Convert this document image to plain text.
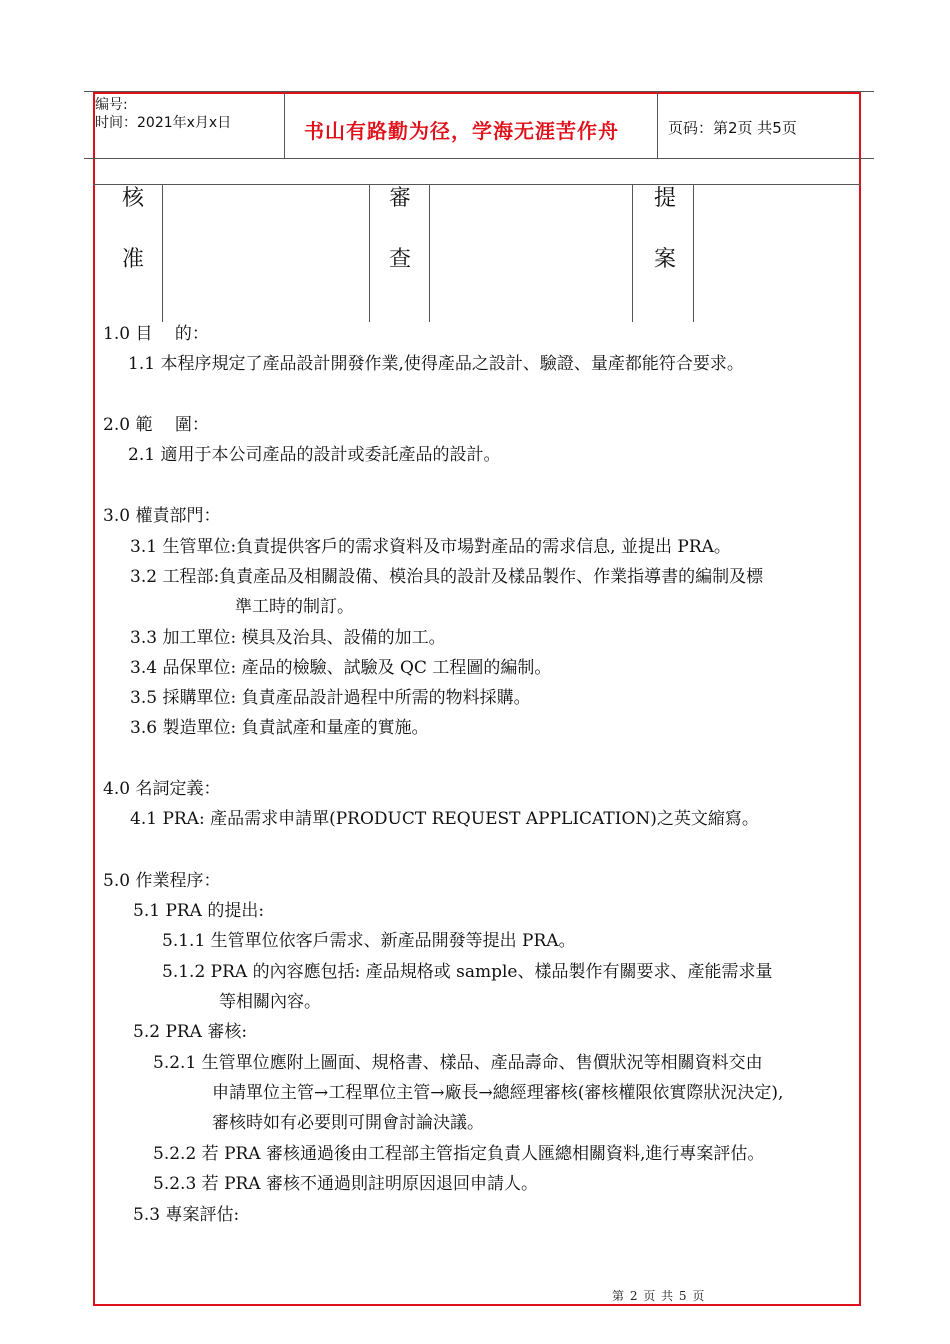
编号:
时间：2021年x月x日	书山有路勤为径，学海无涯苦作舟	页码：第2页 共5页
核
准
審
查
提
案
1.0 目　 的：
1.1 本程序規定了產品設計開發作業,使得產品之設計、驗證、量產都能符合要求。
2.0 範　 圍：
2.1 適用于本公司產品的設計或委託產品的設計。
3.0 權責部門：
3.1 生管單位:負責提供客戶的需求資料及市場對產品的需求信息, 並提出 PRA。
3.2 工程部:負責產品及相關設備、模治具的設計及樣品製作、作業指導書的編制及標
準工時的制訂。
3.3 加工單位: 模具及治具、設備的加工。
3.4 品保單位: 產品的檢驗、試驗及 QC 工程圖的編制。
3.5 採購單位: 負責產品設計過程中所需的物料採購。
3.6 製造單位: 負責試產和量產的實施。
4.0 名詞定義：
4.1 PRA: 產品需求申請單(PRODUCT REQUEST APPLICATION)之英文縮寫。
5.0 作業程序：
5.1 PRA 的提出:
5.1.1 生管單位依客戶需求、新產品開發等提出 PRA。
5.1.2 PRA 的內容應包括: 產品規格或 sample、樣品製作有關要求、產能需求量
等相關內容。
5.2 PRA 審核:
5.2.1 生管單位應附上圖面、規格書、樣品、產品壽命、售價狀況等相關資料交由
申請單位主管→工程單位主管→廠長→總經理審核(審核權限依實際狀況決定),
審核時如有必要則可開會討論決議。
5.2.2 若 PRA 審核通過後由工程部主管指定負責人匯總相關資料,進行專案評估。
5.2.3 若 PRA 審核不通過則註明原因退回申請人。
5.3 專案評估:
第 2 页 共 5 页
